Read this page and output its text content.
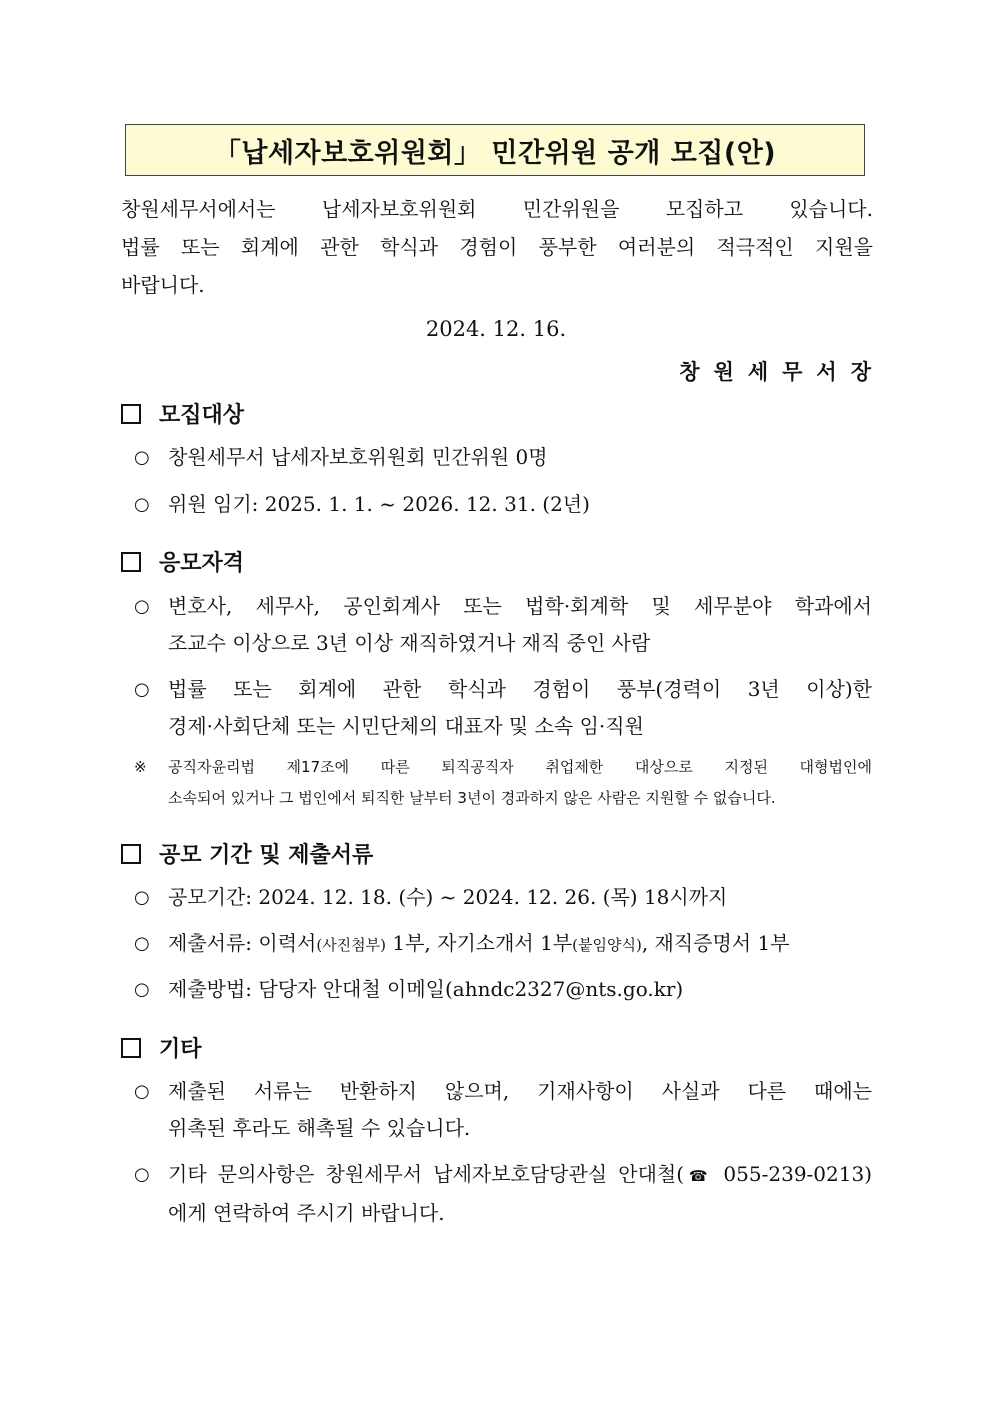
「납세자보호위원회」 민간위원 공개 모집(안)

창원세무서에서는 납세자보호위원회 민간위원을 모집하고 있습니다.

법률 또는 회계에 관한 학식과 경험이 풍부한 여러분의 적극적인 지원을

바랍니다.

2024. 12. 16.
창원세무서장
모집대상
○ 창원세무서 납세자보호위원회 민간위원 0명
○ 위원 임기: 2025. 1. 1. ~ 2026. 12. 31. (2년)
응모자격
○ 변호사, 세무사, 공인회계사 또는 법학·회계학 및 세무분야 학과에서
조교수 이상으로 3년 이상 재직하였거나 재직 중인 사람
○ 법률 또는 회계에 관한 학식과 경험이 풍부(경력이 3년 이상)한
경제·사회단체 또는 시민단체의 대표자 및 소속 임·직원
※ 공직자윤리법 제17조에 따른 퇴직공직자 취업제한 대상으로 지정된 대형법인에
소속되어 있거나 그 법인에서 퇴직한 날부터 3년이 경과하지 않은 사람은 지원할 수 없습니다.
공모 기간 및 제출서류
○ 공모기간: 2024. 12. 18. (수) ~ 2024. 12. 26. (목) 18시까지
○ 제출서류: 이력서(사진첨부) 1부, 자기소개서 1부(붙임양식), 재직증명서 1부
○ 제출방법: 담당자 안대철 이메일(ahndc2327@nts.go.kr)
기타
○ 제출된 서류는 반환하지 않으며, 기재사항이 사실과 다른 때에는
위촉된 후라도 해촉될 수 있습니다.
○ 기타 문의사항은 창원세무서 납세자보호담당관실 안대철(☎ 055-239-0213)
에게 연락하여 주시기 바랍니다.
